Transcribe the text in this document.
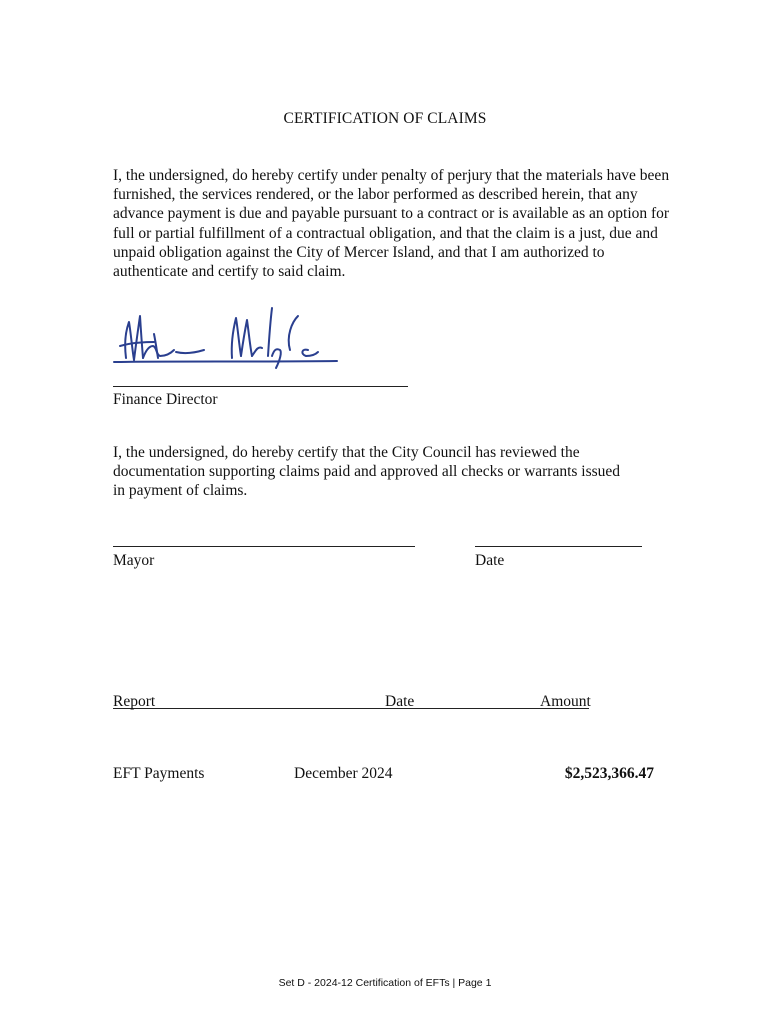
CERTIFICATION OF CLAIMS
I, the undersigned, do hereby certify under penalty of perjury that the materials have been furnished, the services rendered, or the labor performed as described herein, that any advance payment is due and payable pursuant to a contract or is available as an option for full or partial fulfillment of a contractual obligation, and that the claim is a just, due and unpaid obligation against the City of Mercer Island, and that I am authorized to authenticate and certify to said claim.
Finance Director
I, the undersigned, do hereby certify that the City Council has reviewed the documentation supporting claims paid and approved all checks or warrants issued in payment of claims.
Mayor	Date
Report	Date	Amount
EFT Payments	December 2024	$2,523,366.47
Set D - 2024-12 Certification of EFTs | Page 1
